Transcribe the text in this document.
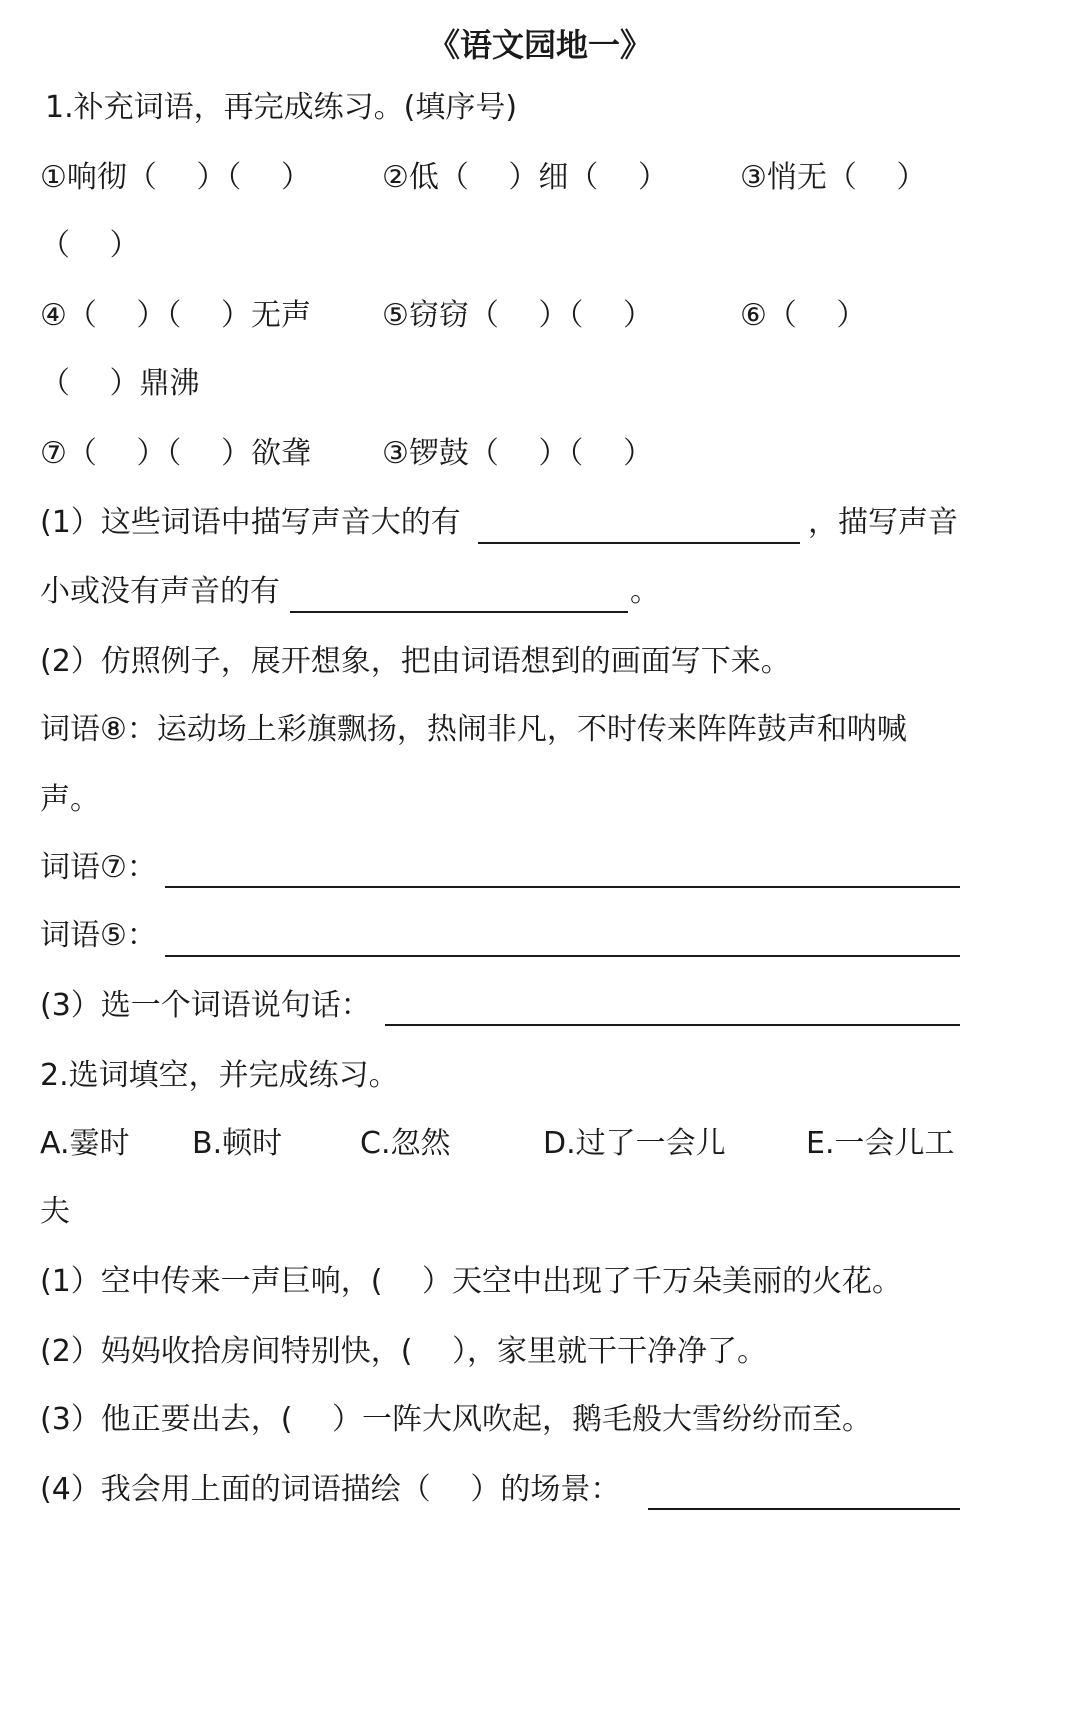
《语文园地一》
1.补充词语，再完成练习。(填序号)
①响彻（　 ）（　 ） ②低（　 ）细（　 ） ③悄无（　 ）
（　 ）
④（　 ）（　 ）无声 ⑤窃窃（　 ）（　 ）	⑥（　 ）
（　 ）鼎沸
⑦（　 ）（　 ）欲聋 ③锣鼓（　 ）（　 ）
(1）这些词语中描写声音大的有	，描写声音
小或没有声音的有	。
(2）仿照例子，展开想象，把由词语想到的画面写下来。
词语⑧：运动场上彩旗飘扬，热闹非凡，不时传来阵阵鼓声和呐喊
声。
词语⑦：
词语⑤：
(3）选一个词语说句话：
2.选词填空，并完成练习。
A.霎时 B.顿时	C.忽然	D.过了一会儿	E.一会儿工
夫
(1）空中传来一声巨响，(　 ）天空中出现了千万朵美丽的火花。
(2）妈妈收拾房间特别快，(　 ），家里就干干净净了。
(3）他正要出去，(　 ）一阵大风吹起，鹅毛般大雪纷纷而至。
(4）我会用上面的词语描绘（　 ）的场景：
